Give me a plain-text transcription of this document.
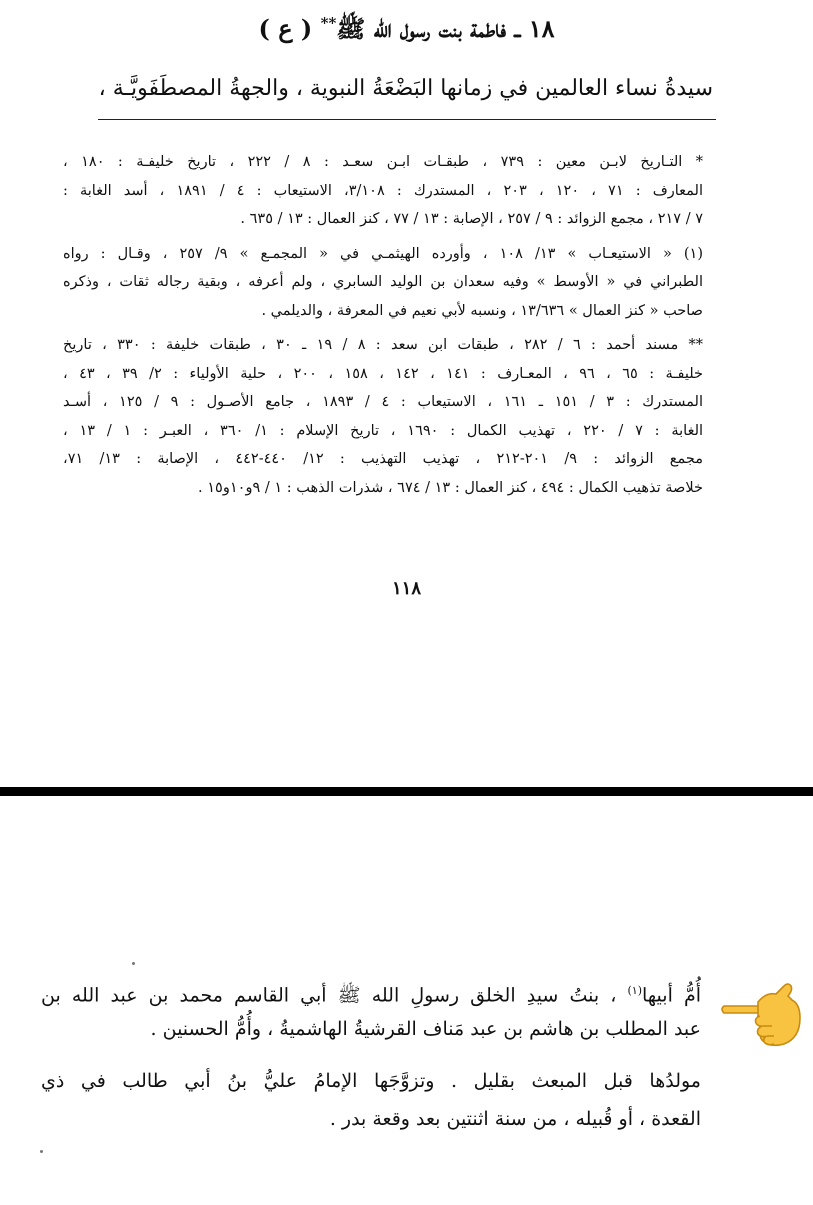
١٨ ــ فاطمة بنت رسول الله ﷺ** ( ع )
سيدةُ نساء العالمين في زمانها البَضْعَةُ النبوية ، والجهةُ المصطَفَويَّـة ،
* التـاريخ لابـن معين : ٧٣٩ ، طبقـات ابـن سعـد : ٨ / ٢٢٢ ، تاريخ خليفـة : ١٨٠ ،
المعارف : ٧١ ، ١٢٠ ، ٢٠٣ ، المستدرك : ٣/١٠٨، الاستيعاب : ٤ / ١٨٩١ ، أسد الغابة :
٧ / ٢١٧ ، مجمع الزوائد : ٩ / ٢٥٧ ، الإصابة : ١٣ / ٧٧ ، كنز العمال : ١٣ / ٦٣٥ .
(١) « الاستيعـاب » ١٣/ ١٠٨ ، وأورده الهيثمـي في « المجمـع » ٩/ ٢٥٧ ، وقـال : رواه
الطبراني في « الأوسط » وفيه سعدان بن الوليد السابري ، ولم أعرفه ، وبقية رجاله ثقات ، وذكره
صاحب « كنز العمال » ١٣/٦٣٦ ، ونسبه لأبي نعيم في المعرفة ، والديلمي .
** مسند أحمد : ٦ / ٢٨٢ ، طبقات ابن سعد : ٨ / ١٩ ـ ٣٠ ، طبقات خليفة : ٣٣٠ ، تاريخ
خليفـة : ٦٥ ، ٩٦ ، المعـارف : ١٤١ ، ١٤٢ ، ١٥٨ ، ٢٠٠ ، حلية الأولياء : ٢/ ٣٩ ، ٤٣ ،
المستدرك : ٣ / ١٥١ ـ ١٦١ ، الاستيعاب : ٤ / ١٨٩٣ ، جامع الأصـول : ٩ / ١٢٥ ، أسـد
الغابة : ٧ / ٢٢٠ ، تهذيب الكمال : ١٦٩٠ ، تاريخ الإسلام : ١/ ٣٦٠ ، العبـر : ١ / ١٣ ،
مجمع الزوائد : ٩/ ٢٠١-٢١٢ ، تهذيب التهذيب : ١٢/ ٤٤٠-٤٤٢ ، الإصابة : ١٣/ ٧١،
خلاصة تذهيب الكمال : ٤٩٤ ، كنز العمال : ١٣ / ٦٧٤ ، شذرات الذهب : ١ / ٩و١٠و١٥ .
١١٨
أُمُّ أبيها$^{(١)}$ ، بنتُ سيدِ الخلق رسولِ الله ﷺ أبي القاسم محمد بن عبد الله بن
عبد المطلب بن هاشم بن عبد مَناف القرشيةُ الهاشميةُ ، وأُمُّ الحسنين .
مولدُها قبل المبعث بقليل . وتزوَّجَها الإمامُ عليُّ بنُ أبي طالب في ذي
القعدة ، أو قُبيله ، من سنة اثنتين بعد وقعة بدر .
